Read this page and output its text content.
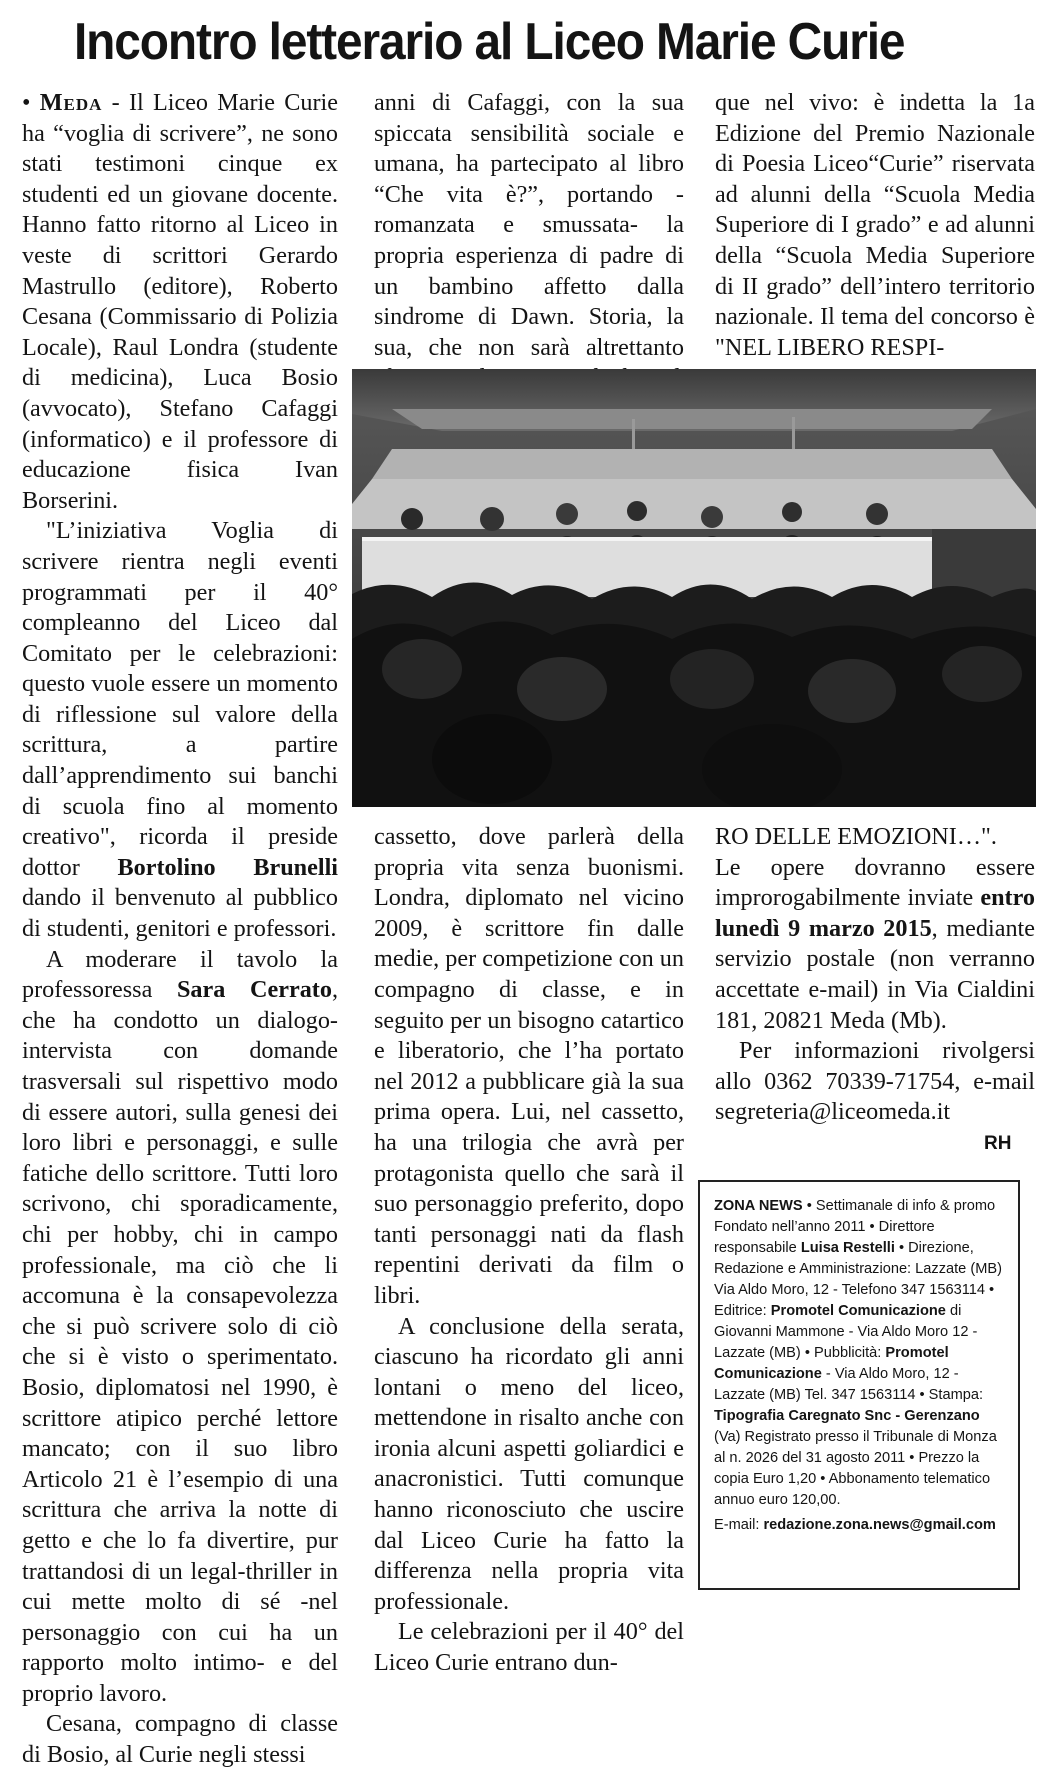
Incontro letterario al Liceo Marie Curie

• Meda - Il Liceo Marie Curie ha “voglia di scrivere”, ne sono stati testimoni cinque ex studenti ed un giovane docente. Hanno fatto ritorno al Liceo in veste di scrittori Gerardo Mastrullo (editore), Roberto Cesana (Commissario di Polizia Locale), Raul Londra (studente di medicina), Luca Bosio (avvocato), Stefano Cafaggi (informatico) e il professore di educazione fisica Ivan Borserini.

"L’iniziativa Voglia di scrivere rientra negli eventi programmati per il 40° compleanno del Liceo dal Comitato per le celebrazioni: questo vuole essere un momento di riflessione sul valore della scrittura, a partire dall’apprendimento sui banchi di scuola fino al momento creativo", ricorda il preside dottor Bortolino Brunelli dando il benvenuto al pubblico di studenti, genitori e professori.

A moderare il tavolo la professoressa Sara Cerrato, che ha condotto un dialogo-intervista con domande trasversali sul rispettivo modo di essere autori, sulla genesi dei loro libri e personaggi, e sulle fatiche dello scrittore. Tutti loro scrivono, chi sporadicamente, chi per hobby, chi in campo professionale, ma ciò che li accomuna è la consapevolezza che si può scrivere solo di ciò che si è visto o sperimentato. Bosio, diplomatosi nel 1990, è scrittore atipico perché lettore mancato; con il suo libro Articolo 21 è l’esempio di una scrittura che arriva la notte di getto e che lo fa divertire, pur trattandosi di un legal-thriller in cui mette molto di sé -nel personaggio con cui ha un rapporto molto intimo- e del proprio lavoro.

Cesana, compagno di classe di Bosio, al Curie negli stessi

anni di Cafaggi, con la sua spiccata sensibilità sociale e umana, ha partecipato al libro “Che vita è?”, portando -romanzata e smussata- la propria esperienza di padre di un bambino affetto dalla sindrome di Dawn. Storia, la sua, che non sarà altrettanto

que nel vivo: è indetta la 1a Edizione del Premio Nazionale di Poesia Liceo“Curie” riservata ad alunni della “Scuola Media Superiore di I grado” e ad alunni della “Scuola Media Superiore di II grado” dell’intero territorio nazionale. Il tema del concorso è "NEL LIBERO RESPI-

cassetto, dove parlerà della propria vita senza buonismi. Londra, diplomato nel vicino 2009, è scrittore fin dalle medie, per competizione con un compagno di classe, e in seguito per un bisogno catartico e liberatorio, che l’ha portato nel 2012 a pubblicare già la sua prima opera. Lui, nel cassetto, ha una trilogia che avrà per protagonista quello che sarà il suo personaggio preferito, dopo tanti personaggi nati da flash repentini derivati da film o libri.

A conclusione della serata, ciascuno ha ricordato gli anni lontani o meno del liceo, mettendone in risalto anche con ironia alcuni aspetti goliardici e anacronistici. Tutti comunque hanno riconosciuto che uscire dal Liceo Curie ha fatto la differenza nella propria vita professionale.

Le celebrazioni per il 40° del Liceo Curie entrano dun-

RO DELLE EMOZIONI…".

Le opere dovranno essere improrogabilmente inviate entro lunedì 9 marzo 2015, mediante servizio postale (non verranno accettate e-mail) in Via Cialdini 181, 20821 Meda (Mb).

Per informazioni rivolgersi allo 0362 70339-71754, e-mail segreteria@liceomeda.it

RH

ZONA NEWS • Settimanale di info & promo Fondato nell’anno 2011 • Direttore responsabile Luisa Restelli • Direzione, Redazione e Amministrazione: Lazzate (MB) Via Aldo Moro, 12 - Telefono 347 1563114 • Editrice: Promotel Comunicazione di Giovanni Mammone - Via Aldo Moro 12 - Lazzate (MB) • Pubblicità: Promotel Comunicazione - Via Aldo Moro, 12 - Lazzate (MB) Tel. 347 1563114 • Stampa: Tipografia Caregnato Snc - Gerenzano (Va) Registrato presso il Tribunale di Monza al n. 2026 del 31 agosto 2011 • Prezzo la copia Euro 1,20 • Abbonamento telematico annuo euro 120,00.

E-mail: redazione.zona.news@gmail.com
